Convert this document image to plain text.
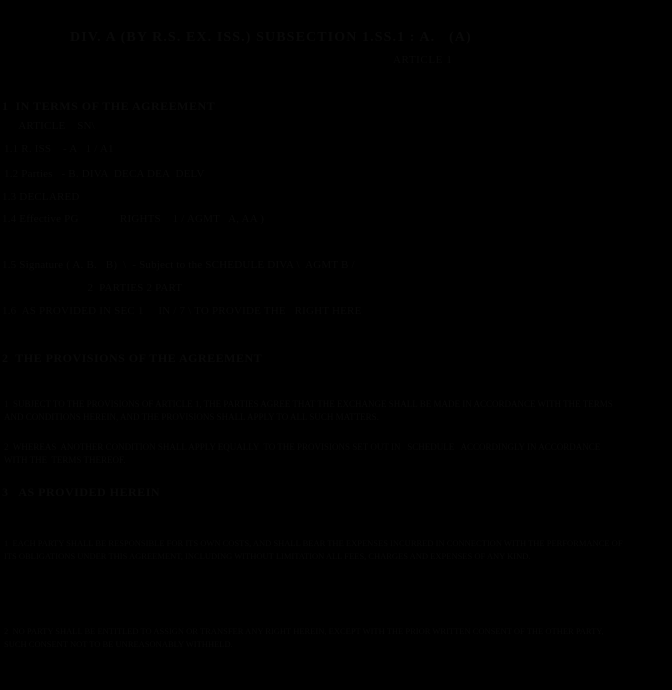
DIV. A (BY R.S. EX. ISS.) SUBSECTION 1.SS.1 : A.   (A)
ARTICLE 1
1  IN TERMS OF THE AGREEMENT
ARTICLE    SN\
1.1 R. ISS    - A   1 / A1
1.2 Parties   - B. DIVA  DECA DEA  DELV
1.3 DECLARED
1.4 Effective PG              RIGHTS    1 / AGMT   A, AA )
1.5 Signature ( A. B.   B)  \  - Subject to the SCHEDULE DIVA \  AGMT B /
2  PARTIES 2 PART
1.6  AS PROVIDED IN SEC 1     IN / 7 \ TO PROVIDE THE   RIGHT HERE
2  THE PROVISIONS OF THE AGREEMENT
1  SUBJECT TO THE PROVISIONS OF ARTICLE 1, THE PARTIES AGREE THAT THE EXCHANGE SHALL BE MADE IN ACCORDANCE WITH THE TERMS AND CONDITIONS HEREIN, AND THE PROVISIONS SHALL APPLY TO ALL SUCH MATTERS.
2  WHEREAS  ANOTHER CONDITION SHALL APPLY EQUALLY  TO THE PROVISIONS SET OUT IN   SCHEDULE   ACCORDINGLY IN ACCORDANCE WITH THE  TERMS THEREOF.
3   AS PROVIDED HEREIN
1  EACH PARTY SHALL BE RESPONSIBLE FOR ITS OWN COSTS, AND SHALL BEAR THE EXPENSES INCURRED IN CONNECTION WITH THE PERFORMANCE OF ITS OBLIGATIONS UNDER THIS AGREEMENT, INCLUDING WITHOUT LIMITATION ALL FEES, CHARGES AND EXPENSES OF ANY KIND.
2  NO PARTY SHALL BE ENTITLED TO ASSIGN OR TRANSFER ANY RIGHT HEREIN, EXCEPT WITH THE PRIOR WRITTEN CONSENT OF THE OTHER PARTY, SUCH CONSENT NOT TO BE UNREASONABLY WITHHELD.
